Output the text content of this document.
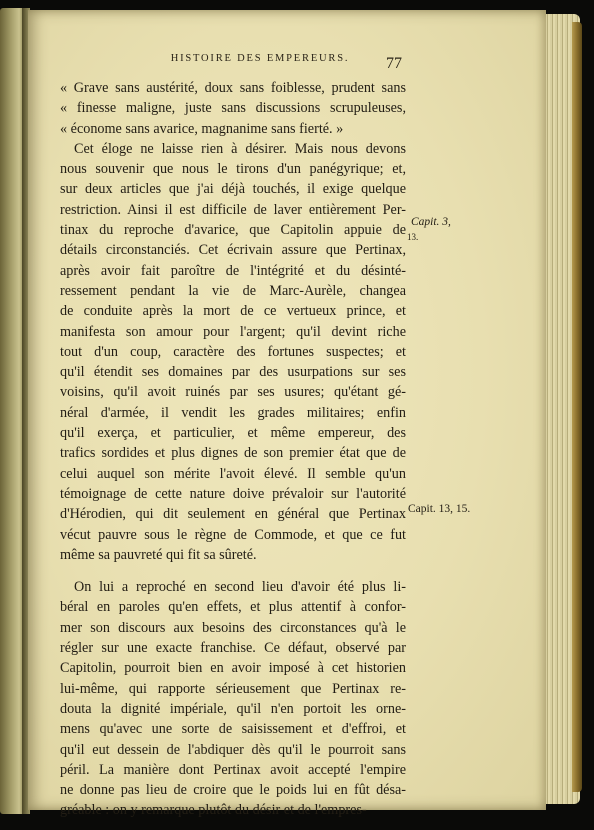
HISTOIRE DES EMPEREURS.	77
« Grave sans austérité, doux sans foiblesse, prudent sans
« finesse maligne, juste sans discussions scrupuleuses,
« économe sans avarice, magnanime sans fierté. »
Cet éloge ne laisse rien à désirer. Mais nous devons
nous souvenir que nous le tirons d'un panégyrique; et,
sur deux articles que j'ai déjà touchés, il exige quelque
restriction. Ainsi il est difficile de laver entièrement Per-
tinax du reproche d'avarice, que Capitolin appuie de
détails circonstanciés. Cet écrivain assure que Pertinax,
après avoir fait paroître de l'intégrité et du désinté-
ressement pendant la vie de Marc-Aurèle, changea
de conduite après la mort de ce vertueux prince, et
manifesta son amour pour l'argent; qu'il devint riche
tout d'un coup, caractère des fortunes suspectes; et
qu'il étendit ses domaines par des usurpations sur ses
voisins, qu'il avoit ruinés par ses usures; qu'étant gé-
néral d'armée, il vendit les grades militaires; enfin
qu'il exerça, et particulier, et même empereur, des
trafics sordides et plus dignes de son premier état que de
celui auquel son mérite l'avoit élevé. Il semble qu'un
témoignage de cette nature doive prévaloir sur l'autorité
d'Hérodien, qui dit seulement en général que Pertinax
vécut pauvre sous le règne de Commode, et que ce fut
même sa pauvreté qui fit sa sûreté.
On lui a reproché en second lieu d'avoir été plus li-
béral en paroles qu'en effets, et plus attentif à confor-
mer son discours aux besoins des circonstances qu'à le
régler sur une exacte franchise. Ce défaut, observé par
Capitolin, pourroit bien en avoir imposé à cet historien
lui-même, qui rapporte sérieusement que Pertinax re-
douta la dignité impériale, qu'il n'en portoit les orne-
mens qu'avec une sorte de saisissement et d'effroi, et
qu'il eut dessein de l'abdiquer dès qu'il le pourroit sans
péril. La manière dont Pertinax avoit accepté l'empire
ne donne pas lieu de croire que le poids lui en fût désa-
gréable : on y remarque plutôt du désir et de l'empres-
Capit. 3,
13.
Capit. 13, 15.
